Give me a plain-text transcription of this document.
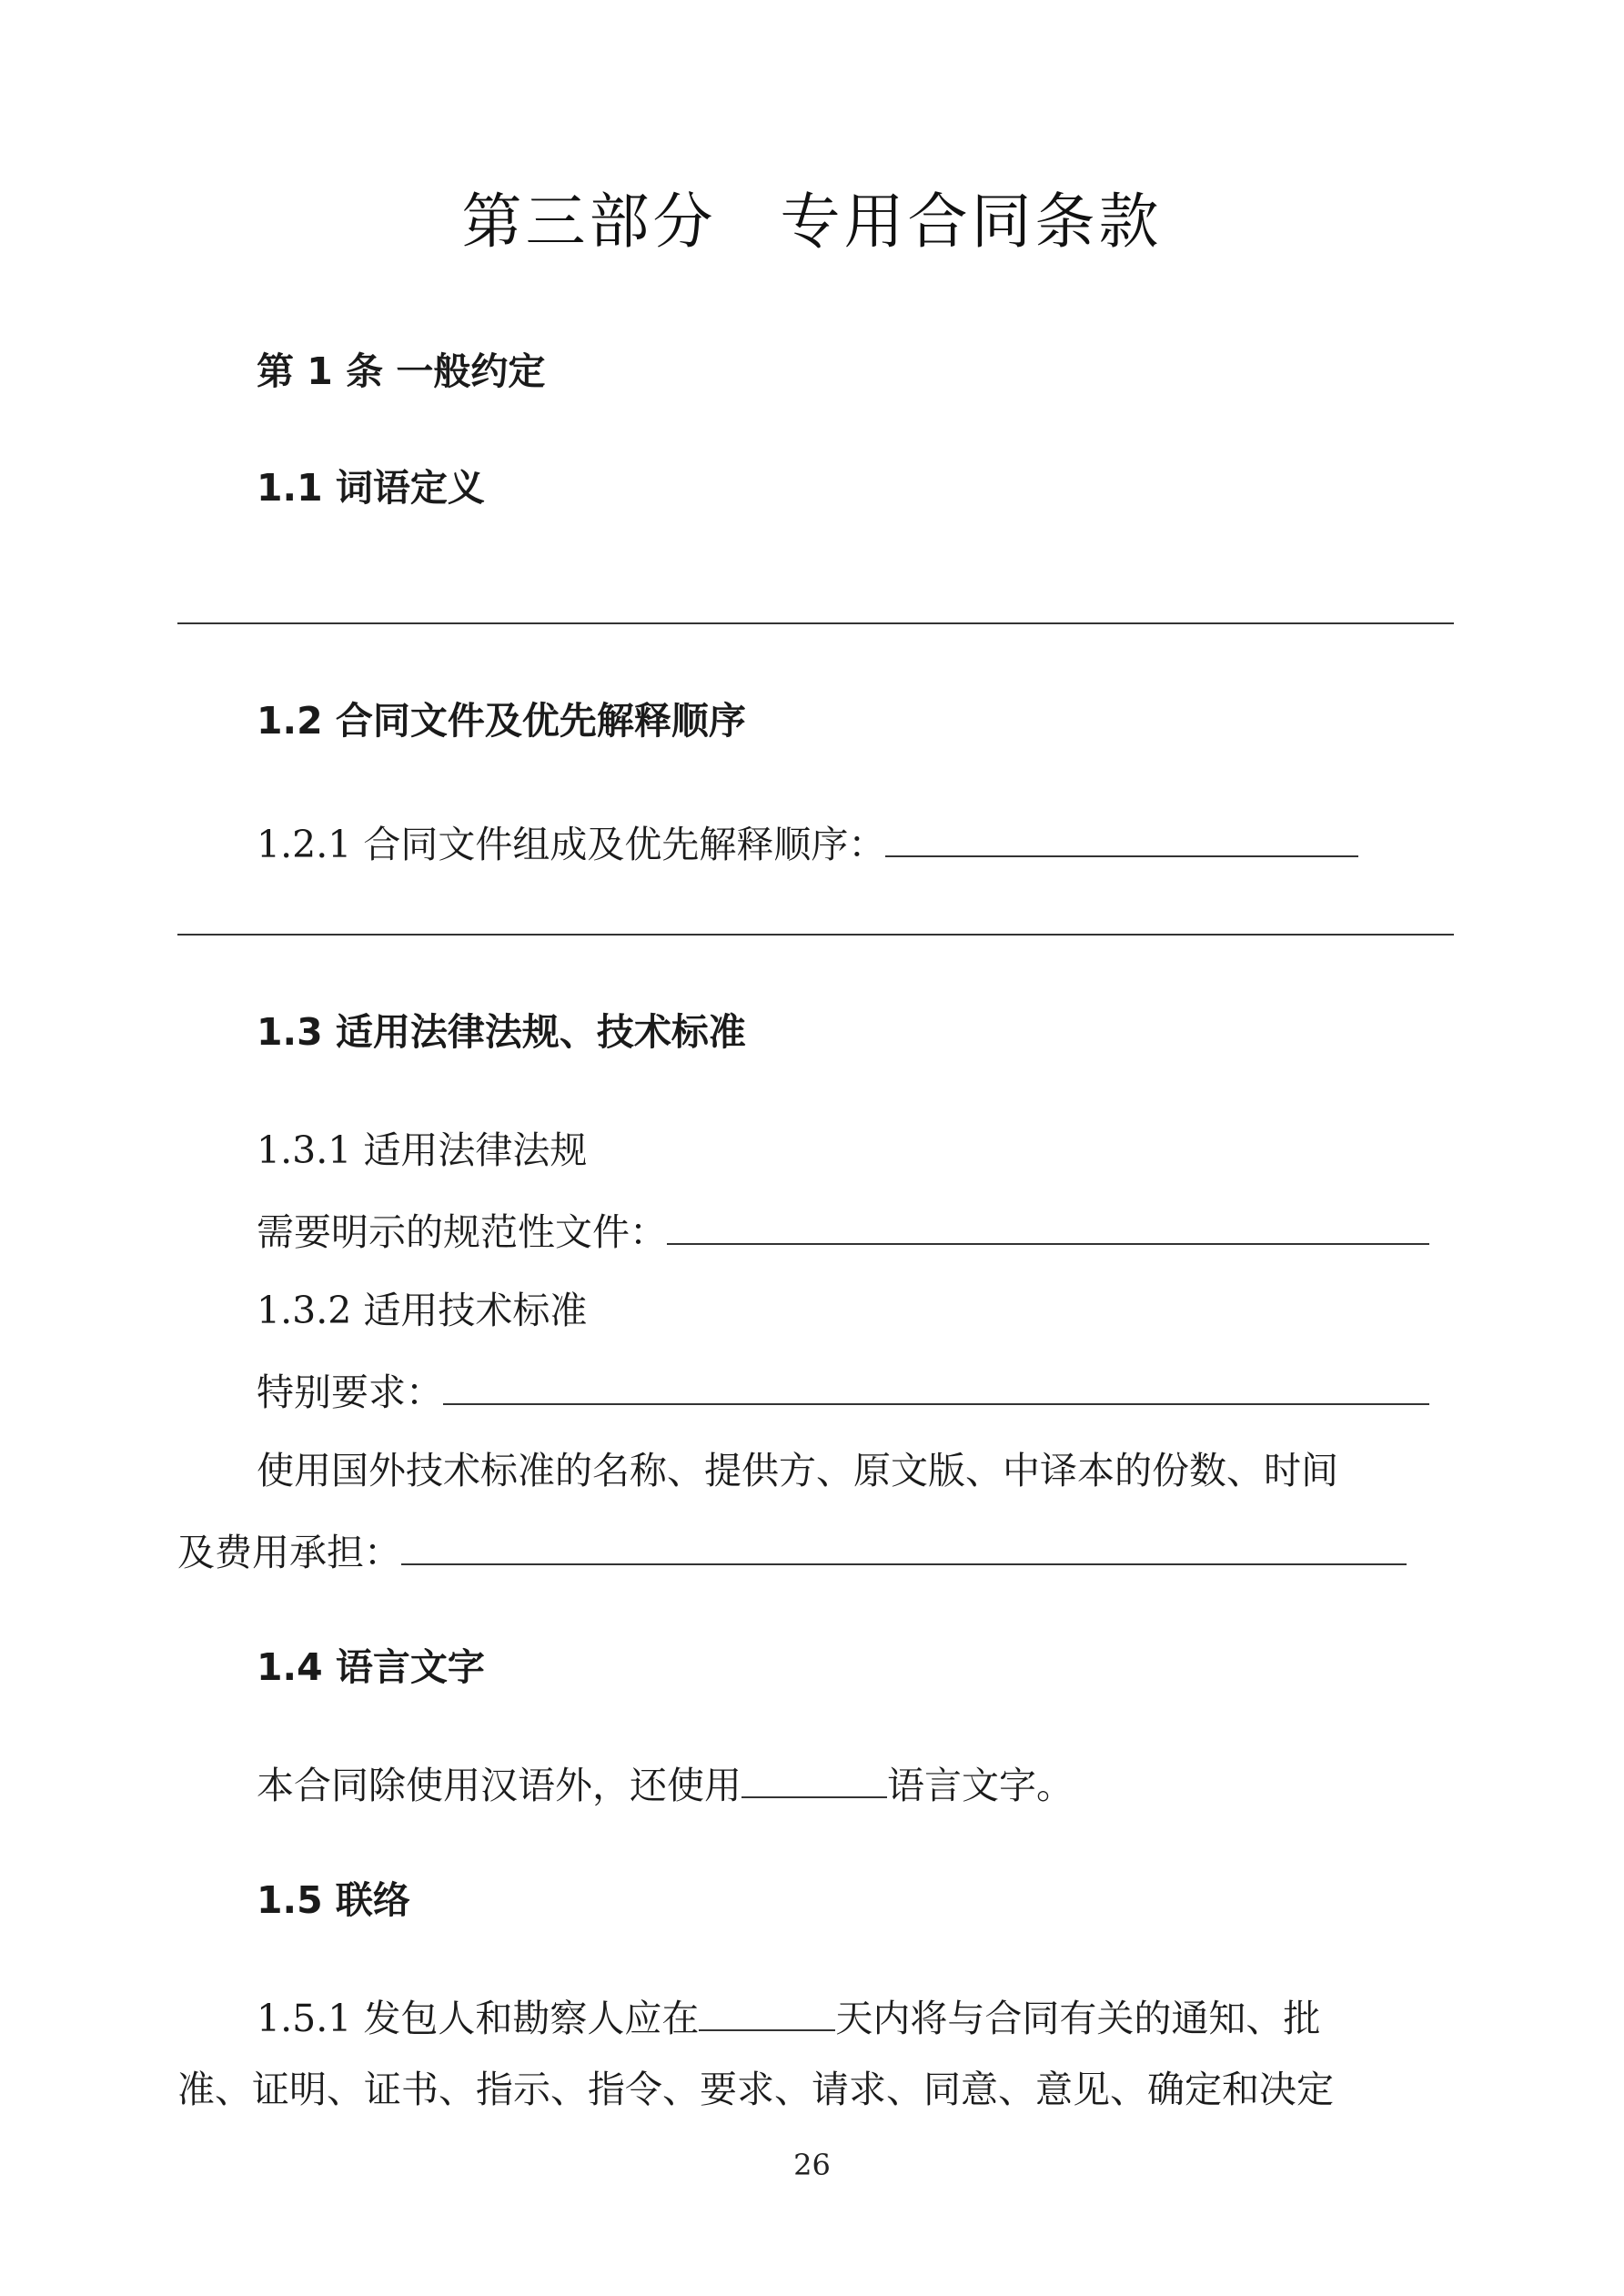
第三部分　专用合同条款
第 1 条 一般约定
1.1 词语定义
1.2 合同文件及优先解释顺序
1.2.1 合同文件组成及优先解释顺序：
1.3 适用法律法规、技术标准
1.3.1 适用法律法规
需要明示的规范性文件：
1.3.2 适用技术标准
特别要求：
使用国外技术标准的名称、提供方、原文版、中译本的份数、时间
及费用承担：
1.4 语言文字
本合同除使用汉语外，还使用	语言文字。
1.5 联络
1.5.1 发包人和勘察人应在	天内将与合同有关的通知、批
准、证明、证书、指示、指令、要求、请求、同意、意见、确定和决定
26
